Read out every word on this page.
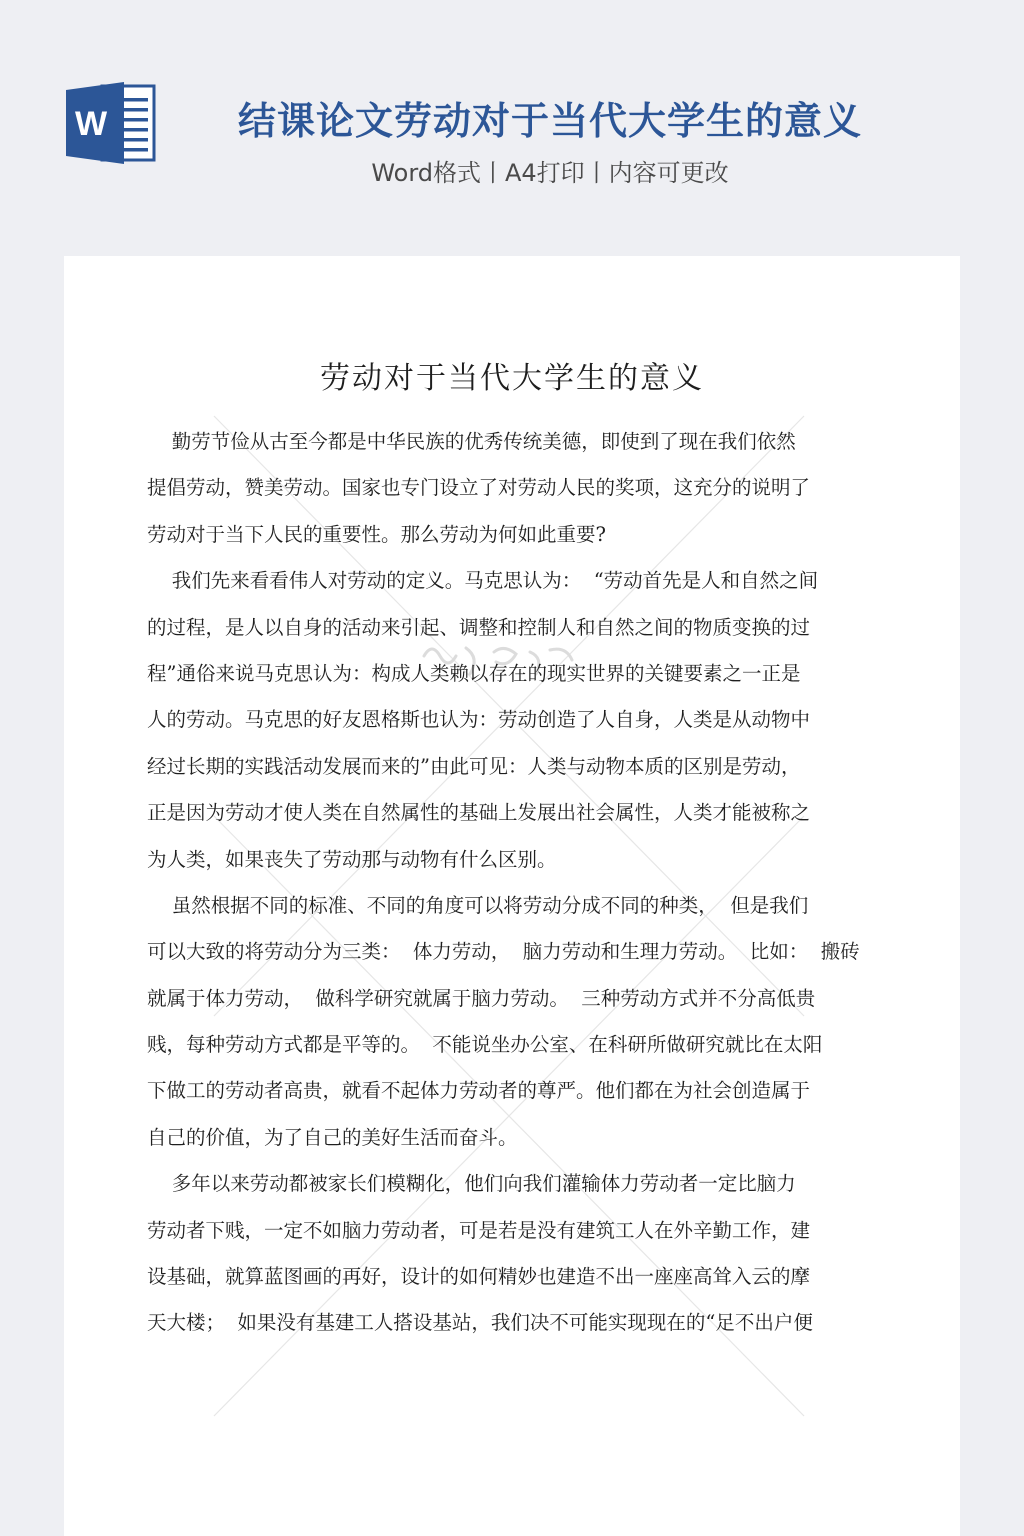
W	结课论文劳动对于当代大学生的意义
Word格式丨A4打印丨内容可更改
劳动对于当代大学生的意义
勤劳节俭从古至今都是中华民族的优秀传统美德，即使到了现在我们依然
提倡劳动，赞美劳动。国家也专门设立了对劳动人民的奖项，这充分的说明了
劳动对于当下人民的重要性。那么劳动为何如此重要?
我们先来看看伟人对劳动的定义。马克思认为：  “劳动首先是人和自然之间
的过程，是人以自身的活动来引起、调整和控制人和自然之间的物质变换的过
程”通俗来说马克思认为：构成人类赖以存在的现实世界的关键要素之一正是
人的劳动。马克思的好友恩格斯也认为：劳动创造了人自身，人类是从动物中
经过长期的实践活动发展而来的”由此可见：人类与动物本质的区别是劳动，
正是因为劳动才使人类在自然属性的基础上发展出社会属性，人类才能被称之
为人类，如果丧失了劳动那与动物有什么区别。
虽然根据不同的标准、不同的角度可以将劳动分成不同的种类，  但是我们
可以大致的将劳动分为三类：  体力劳动，  脑力劳动和生理力劳动。  比如：  搬砖
就属于体力劳动，  做科学研究就属于脑力劳动。  三种劳动方式并不分高低贵
贱，每种劳动方式都是平等的。  不能说坐办公室、在科研所做研究就比在太阳
下做工的劳动者高贵，就看不起体力劳动者的尊严。他们都在为社会创造属于
自己的价值，为了自己的美好生活而奋斗。
多年以来劳动都被家长们模糊化，他们向我们灌输体力劳动者一定比脑力
劳动者下贱，一定不如脑力劳动者，可是若是没有建筑工人在外辛勤工作，建
设基础，就算蓝图画的再好，设计的如何精妙也建造不出一座座高耸入云的摩
天大楼；  如果没有基建工人搭设基站，我们决不可能实现现在的“足不出户便
